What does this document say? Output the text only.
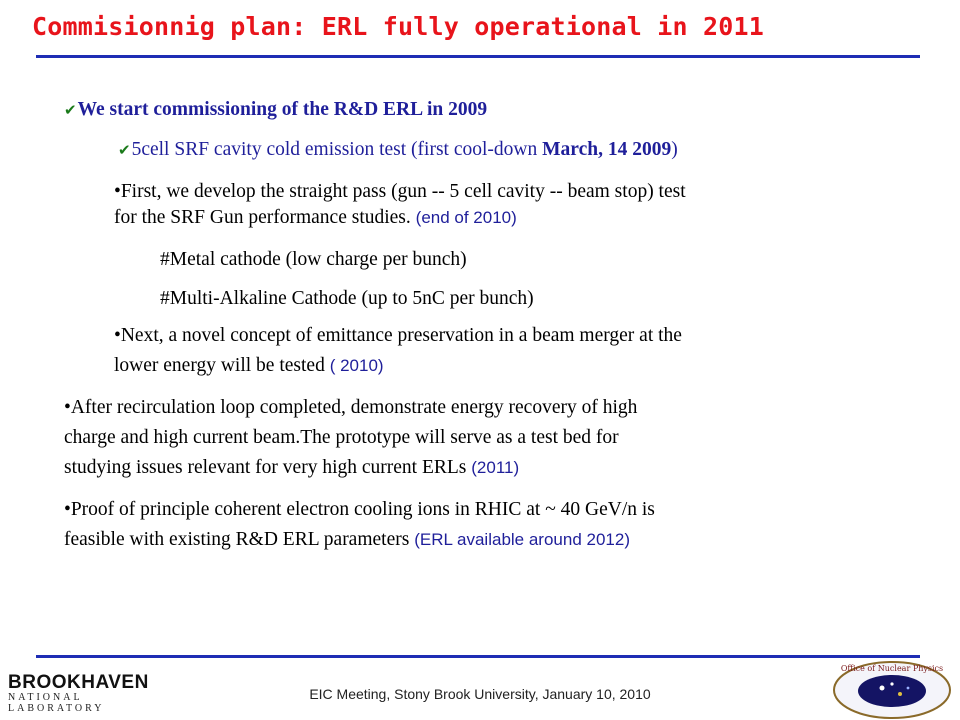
Commisionnig plan: ERL fully operational in 2011
✔We start commissioning of the R&D ERL in 2009
✔5cell SRF cavity cold emission test (first cool-down March, 14 2009)
•First, we develop the straight pass (gun -- 5 cell cavity -- beam stop) test
for the SRF Gun performance studies. (end of 2010)
#Metal cathode (low charge per bunch)
#Multi-Alkaline Cathode (up to 5nC per bunch)
•Next, a novel concept of emittance preservation in a beam merger at the
lower energy will be tested ( 2010)
•After recirculation loop completed, demonstrate energy recovery of high
charge and high current beam.The prototype will serve as a test bed for
studying issues relevant for very high current ERLs (2011)
•Proof of principle coherent electron cooling ions in RHIC at ~ 40 GeV/n is
feasible with existing R&D ERL parameters (ERL available around 2012)
BROOKHAVEN
NATIONAL LABORATORY
EIC Meeting, Stony Brook University, January 10, 2010
Office of Nuclear Physics
